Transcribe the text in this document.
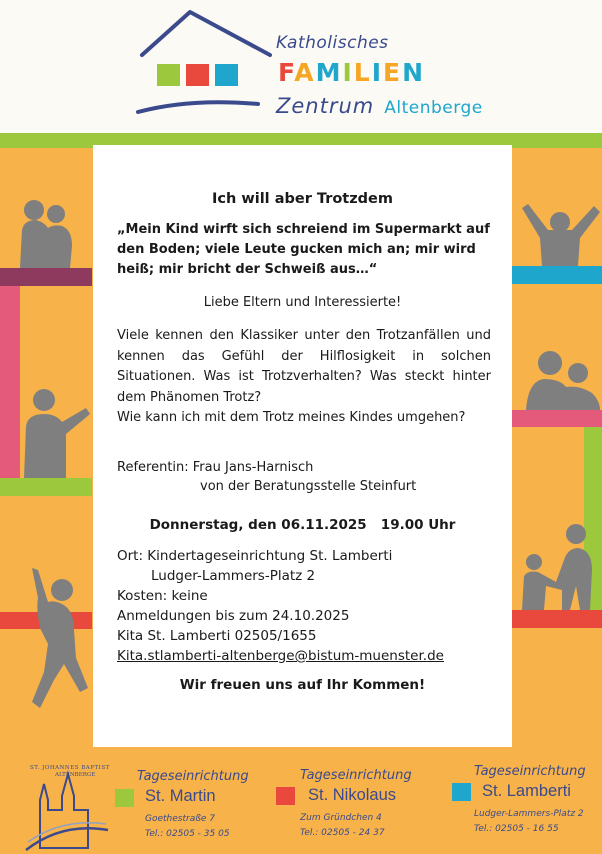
Katholisches
FAMILIEN
Zentrum Altenberge
Ich will aber Trotzdem
„Mein Kind wirft sich schreiend im Supermarkt auf den Boden; viele Leute gucken mich an; mir wird heiß; mir bricht der Schweiß aus…“
Liebe Eltern und Interessierte!
Viele kennen den Klassiker unter den Trotzanfällen und kennen das Gefühl der Hilflosigkeit in solchen Situationen. Was ist Trotzverhalten? Was steckt hinter dem Phänomen Trotz?
Wie kann ich mit dem Trotz meines Kindes umgehen?
Referentin: Frau Jans-Harnisch
von der Beratungsstelle Steinfurt
Donnerstag, den 06.11.2025   19.00 Uhr
Ort: Kindertageseinrichtung St. Lamberti
Ludger-Lammers-Platz 2
Kosten: keine
Anmeldungen bis zum 24.10.2025
Kita St. Lamberti 02505/1655
Kita.stlamberti-altenberge@bistum-muenster.de
Wir freuen uns auf Ihr Kommen!
ST. JOHANNES BAPTIST
ALTENBERGE	Tageseinrichtung
St. Martin
Goethestraße 7
Tel.: 02505 - 35 05
Tageseinrichtung
St. Nikolaus
Zum Gründchen 4
Tel.: 02505 - 24 37
Tageseinrichtung
St. Lamberti
Ludger-Lammers-Platz 2
Tel.: 02505 - 16 55
